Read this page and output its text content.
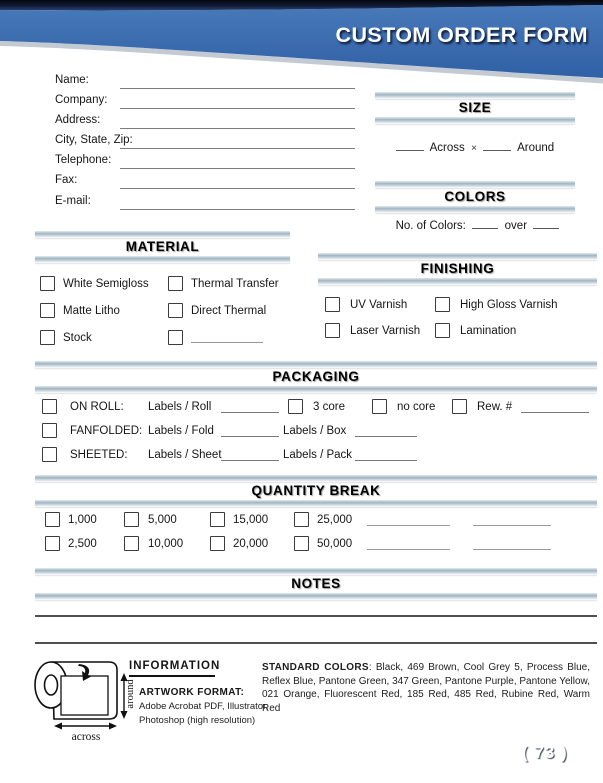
CUSTOM ORDER FORM
Name:
Company:
Address:
City, State, Zip:
Telephone:
Fax:
E-mail:
SIZE
Across ×	Around
COLORS
No. of Colors:	over
MATERIAL
White Semigloss	Thermal Transfer
Matte Litho	Direct Thermal
Stock
FINISHING
UV Varnish	High Gloss Varnish
Laser Varnish	Lamination
PACKAGING
ON ROLL: Labels / Roll	3 core	no core	Rew. #
FANFOLDED: Labels / Fold	Labels / Box
SHEETED: Labels / Sheet	Labels / Pack
QUANTITY BREAK
1,000	5,000	15,000	25,000
2,500	10,000	20,000	50,000
NOTES
around
across
INFORMATION
ARTWORK FORMAT:
Adobe Acrobat PDF, Illustrator,
Photoshop (high resolution)
STANDARD COLORS: Black, 469 Brown, Cool Grey 5, Process Blue, Reflex Blue, Pantone Green, 347 Green, Pantone Purple, Pantone Yellow, 021 Orange, Fluorescent Red, 185 Red, 485 Red, Rubine Red, Warm Red
( 73 )
